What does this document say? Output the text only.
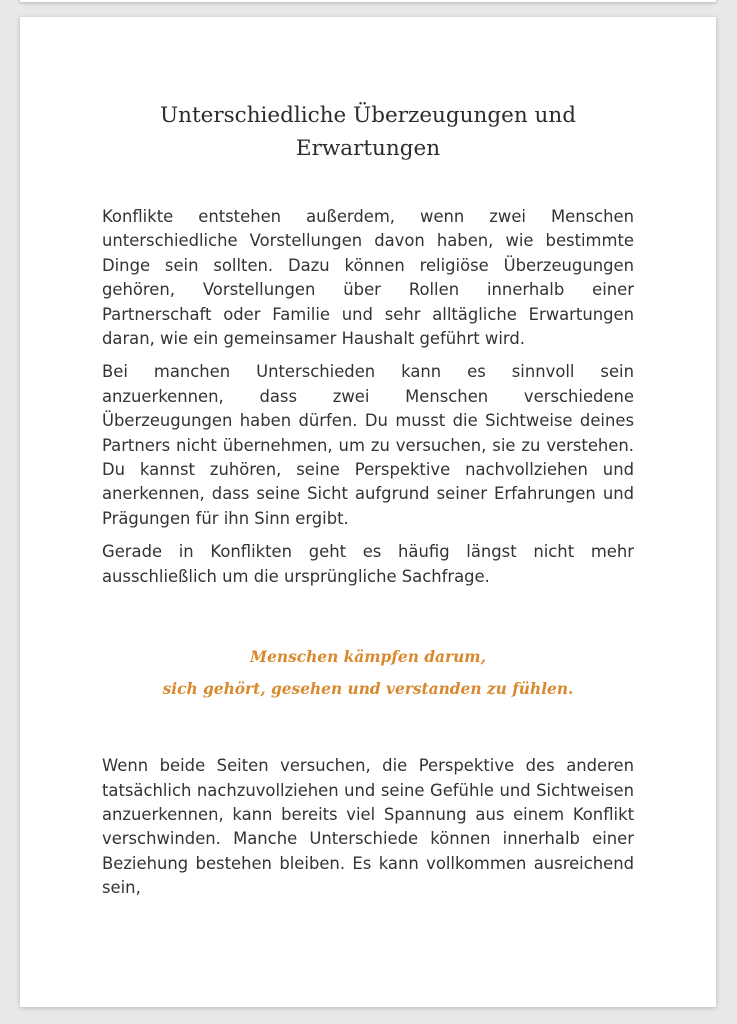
Unterschiedliche Überzeugungen und
Erwartungen

Konflikte entstehen außerdem, wenn zwei Menschen unterschiedliche Vorstellungen davon haben, wie bestimmte Dinge sein sollten. Dazu können religiöse Überzeugungen gehören, Vorstellungen über Rollen innerhalb einer Partnerschaft oder Familie und sehr alltägliche Erwartungen daran, wie ein gemeinsamer Haushalt geführt wird.

Bei manchen Unterschieden kann es sinnvoll sein anzuerkennen, dass zwei Menschen verschiedene Überzeugungen haben dürfen. Du musst die Sichtweise deines Partners nicht übernehmen, um zu versuchen, sie zu verstehen. Du kannst zuhören, seine Perspektive nachvollziehen und anerkennen, dass seine Sicht aufgrund seiner Erfahrungen und Prägungen für ihn Sinn ergibt.

Gerade in Konflikten geht es häufig längst nicht mehr ausschließlich um die ursprüngliche Sachfrage.

Menschen kämpfen darum,
sich gehört, gesehen und verstanden zu fühlen.

Wenn beide Seiten versuchen, die Perspektive des anderen tatsächlich nachzuvollziehen und seine Gefühle und Sichtweisen anzuerkennen, kann bereits viel Spannung aus einem Konflikt verschwinden. Manche Unterschiede können innerhalb einer Beziehung bestehen bleiben. Es kann vollkommen ausreichend sein,
